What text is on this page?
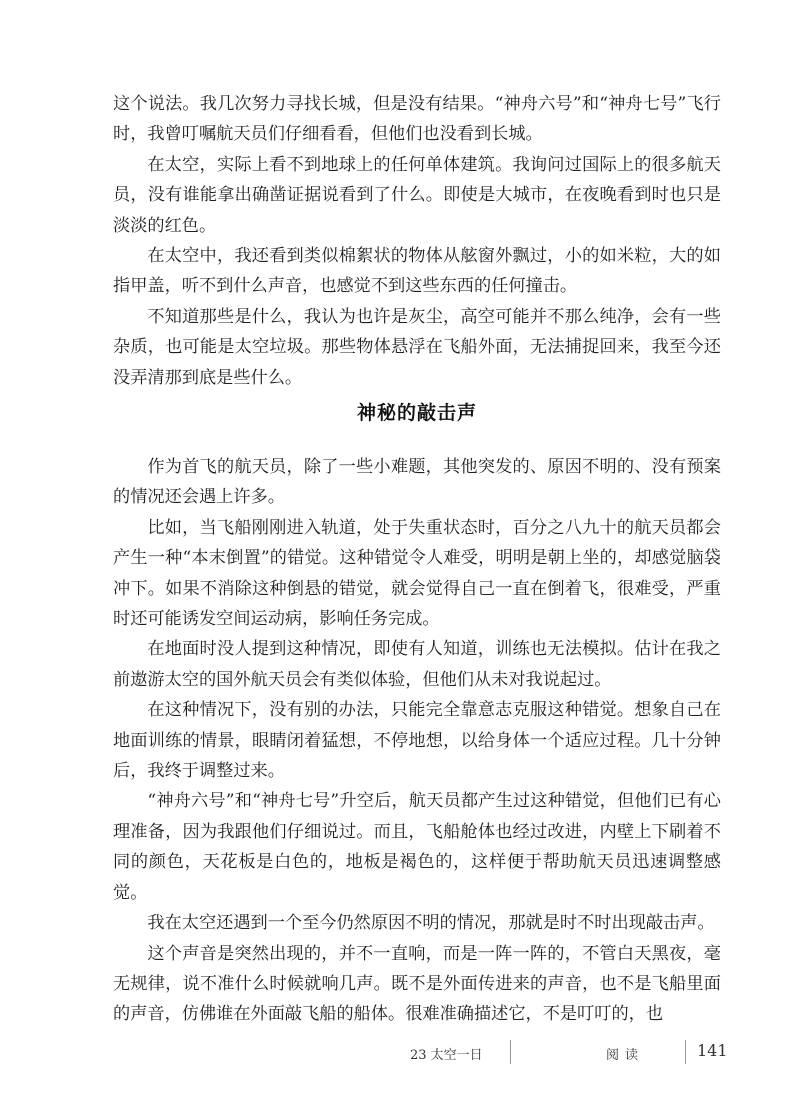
这个说法。我几次努力寻找长城，但是没有结果。“神舟六号”和“神舟七号”飞行时，我曾叮嘱航天员们仔细看看，但他们也没看到长城。

在太空，实际上看不到地球上的任何单体建筑。我询问过国际上的很多航天员，没有谁能拿出确凿证据说看到了什么。即使是大城市，在夜晚看到时也只是淡淡的红色。

在太空中，我还看到类似棉絮状的物体从舷窗外飘过，小的如米粒，大的如指甲盖，听不到什么声音，也感觉不到这些东西的任何撞击。

不知道那些是什么，我认为也许是灰尘，高空可能并不那么纯净，会有一些杂质，也可能是太空垃圾。那些物体悬浮在飞船外面，无法捕捉回来，我至今还没弄清那到底是些什么。

神秘的敲击声

作为首飞的航天员，除了一些小难题，其他突发的、原因不明的、没有预案的情况还会遇上许多。

比如，当飞船刚刚进入轨道，处于失重状态时，百分之八九十的航天员都会产生一种“本末倒置”的错觉。这种错觉令人难受，明明是朝上坐的，却感觉脑袋冲下。如果不消除这种倒悬的错觉，就会觉得自己一直在倒着飞，很难受，严重时还可能诱发空间运动病，影响任务完成。

在地面时没人提到这种情况，即使有人知道，训练也无法模拟。估计在我之前遨游太空的国外航天员会有类似体验，但他们从未对我说起过。

在这种情况下，没有别的办法，只能完全靠意志克服这种错觉。想象自己在地面训练的情景，眼睛闭着猛想，不停地想，以给身体一个适应过程。几十分钟后，我终于调整过来。

“神舟六号”和“神舟七号”升空后，航天员都产生过这种错觉，但他们已有心理准备，因为我跟他们仔细说过。而且，飞船舱体也经过改进，内壁上下刷着不同的颜色，天花板是白色的，地板是褐色的，这样便于帮助航天员迅速调整感觉。

我在太空还遇到一个至今仍然原因不明的情况，那就是时不时出现敲击声。

这个声音是突然出现的，并不一直响，而是一阵一阵的，不管白天黑夜，毫无规律，说不准什么时候就响几声。既不是外面传进来的声音，也不是飞船里面的声音，仿佛谁在外面敲飞船的船体。很难准确描述它，不是叮叮的，也

23 太空一日	阅读	141
